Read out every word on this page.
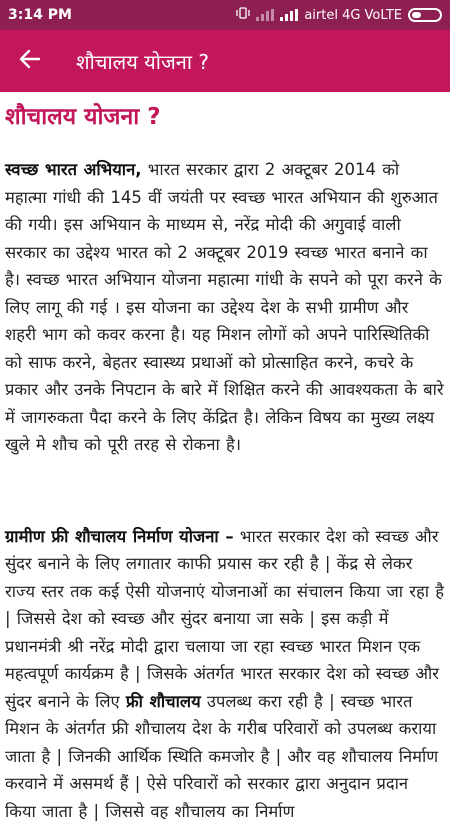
3:14 PM	airtel 4G VoLTE
शौचालय योजना ?
शौचालय योजना ?

स्वच्छ भारत अभियान, भारत सरकार द्वारा 2 अक्टूबर 2014 को महात्मा गांधी की 145 वीं जयंती पर स्वच्छ भारत अभियान की शुरुआत की गयी। इस अभियान के माध्यम से, नरेंद्र मोदी की अगुवाई वाली सरकार का उद्देश्य भारत को 2 अक्टूबर 2019 स्वच्छ भारत बनाने का है। स्वच्छ भारत अभियान योजना महात्मा गांधी के सपने को पूरा करने के लिए लागू की गई । इस योजना का उद्देश्य देश के सभी ग्रामीण और शहरी भाग को कवर करना है। यह मिशन लोगों को अपने पारिस्थितिकी को साफ करने, बेहतर स्वास्थ्य प्रथाओं को प्रोत्साहित करने, कचरे के प्रकार और उनके निपटान के बारे में शिक्षित करने की आवश्यकता के बारे में जागरुकता पैदा करने के लिए केंद्रित है। लेकिन विषय का मुख्य लक्ष्य खुले मे शौच को पूरी तरह से रोकना है।

ग्रामीण फ्री शौचालय निर्माण योजना – भारत सरकार देश को स्वच्छ और सुंदर बनाने के लिए लगातार काफी प्रयास कर रही है | केंद्र से लेकर राज्य स्तर तक कई ऐसी योजनाएं योजनाओं का संचालन किया जा रहा है | जिससे देश को स्वच्छ और सुंदर बनाया जा सके | इस कड़ी में प्रधानमंत्री श्री नरेंद्र मोदी द्वारा चलाया जा रहा स्वच्छ भारत मिशन एक महत्वपूर्ण कार्यक्रम है | जिसके अंतर्गत भारत सरकार देश को स्वच्छ और सुंदर बनाने के लिए फ्री शौचालय उपलब्ध करा रही है | स्वच्छ भारत मिशन के अंतर्गत फ्री शौचालय देश के गरीब परिवारों को उपलब्ध कराया जाता है | जिनकी आर्थिक स्थिति कमजोर है | और वह शौचालय निर्माण करवाने में असमर्थ हैं | ऐसे परिवारों को सरकार द्वारा अनुदान प्रदान किया जाता है | जिससे वह शौचालय का निर्माण
